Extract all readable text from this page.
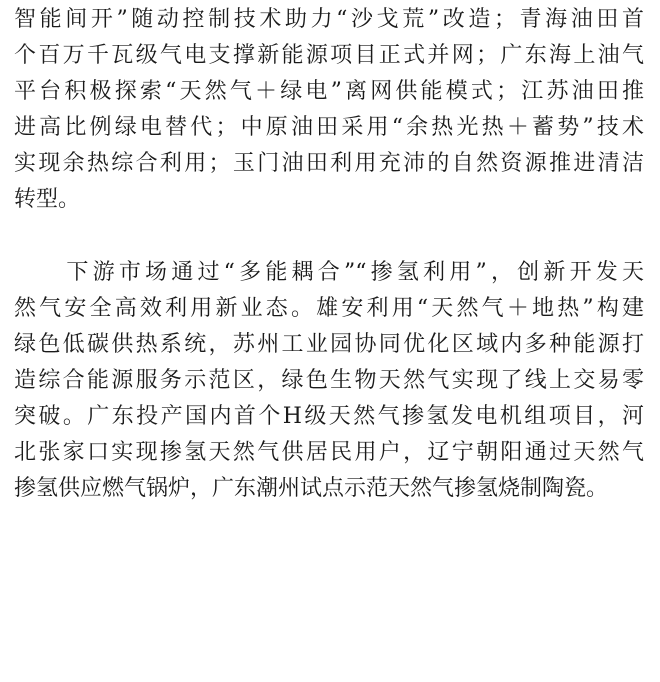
智能间开”随动控制技术助力“沙戈荒”改造；青海油田首
个百万千瓦级气电支撑新能源项目正式并网；广东海上油气
平台积极探索“天然气＋绿电”离网供能模式；江苏油田推
进高比例绿电替代；中原油田采用“余热光热＋蓄势”技术
实现余热综合利用；玉门油田利用充沛的自然资源推进清洁
转型。
　　下游市场通过“多能耦合”“掺氢利用”，创新开发天
然气安全高效利用新业态。雄安利用“天然气＋地热”构建
绿色低碳供热系统，苏州工业园协同优化区域内多种能源打
造综合能源服务示范区，绿色生物天然气实现了线上交易零
突破。广东投产国内首个H级天然气掺氢发电机组项目，河
北张家口实现掺氢天然气供居民用户，辽宁朝阳通过天然气
掺氢供应燃气锅炉，广东潮州试点示范天然气掺氢烧制陶瓷。
